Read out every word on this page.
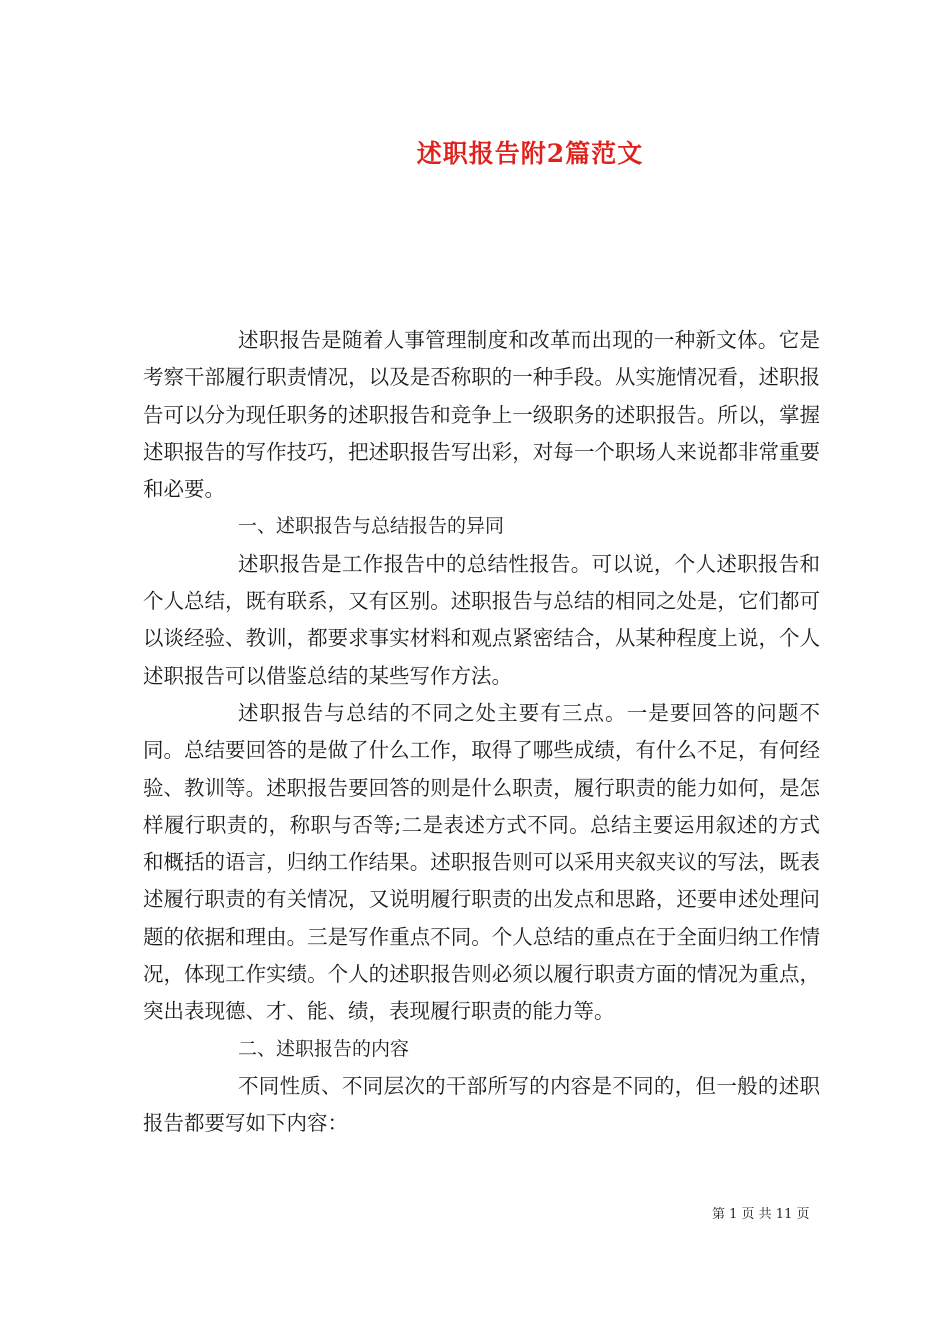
述职报告附2篇范文

述职报告是随着人事管理制度和改革而出现的一种新文体。它是考察干部履行职责情况，以及是否称职的一种手段。从实施情况看，述职报告可以分为现任职务的述职报告和竞争上一级职务的述职报告。所以，掌握述职报告的写作技巧，把述职报告写出彩，对每一个职场人来说都非常重要和必要。

一、述职报告与总结报告的异同

述职报告是工作报告中的总结性报告。可以说，个人述职报告和个人总结，既有联系，又有区别。述职报告与总结的相同之处是，它们都可以谈经验、教训，都要求事实材料和观点紧密结合，从某种程度上说，个人述职报告可以借鉴总结的某些写作方法。

述职报告与总结的不同之处主要有三点。一是要回答的问题不同。总结要回答的是做了什么工作，取得了哪些成绩，有什么不足，有何经验、教训等。述职报告要回答的则是什么职责，履行职责的能力如何，是怎样履行职责的，称职与否等;二是表述方式不同。总结主要运用叙述的方式和概括的语言，归纳工作结果。述职报告则可以采用夹叙夹议的写法，既表述履行职责的有关情况，又说明履行职责的出发点和思路，还要申述处理问题的依据和理由。三是写作重点不同。个人总结的重点在于全面归纳工作情况，体现工作实绩。个人的述职报告则必须以履行职责方面的情况为重点，突出表现德、才、能、绩，表现履行职责的能力等。

二、述职报告的内容

不同性质、不同层次的干部所写的内容是不同的，但一般的述职报告都要写如下内容：

第 1 页 共 11 页
